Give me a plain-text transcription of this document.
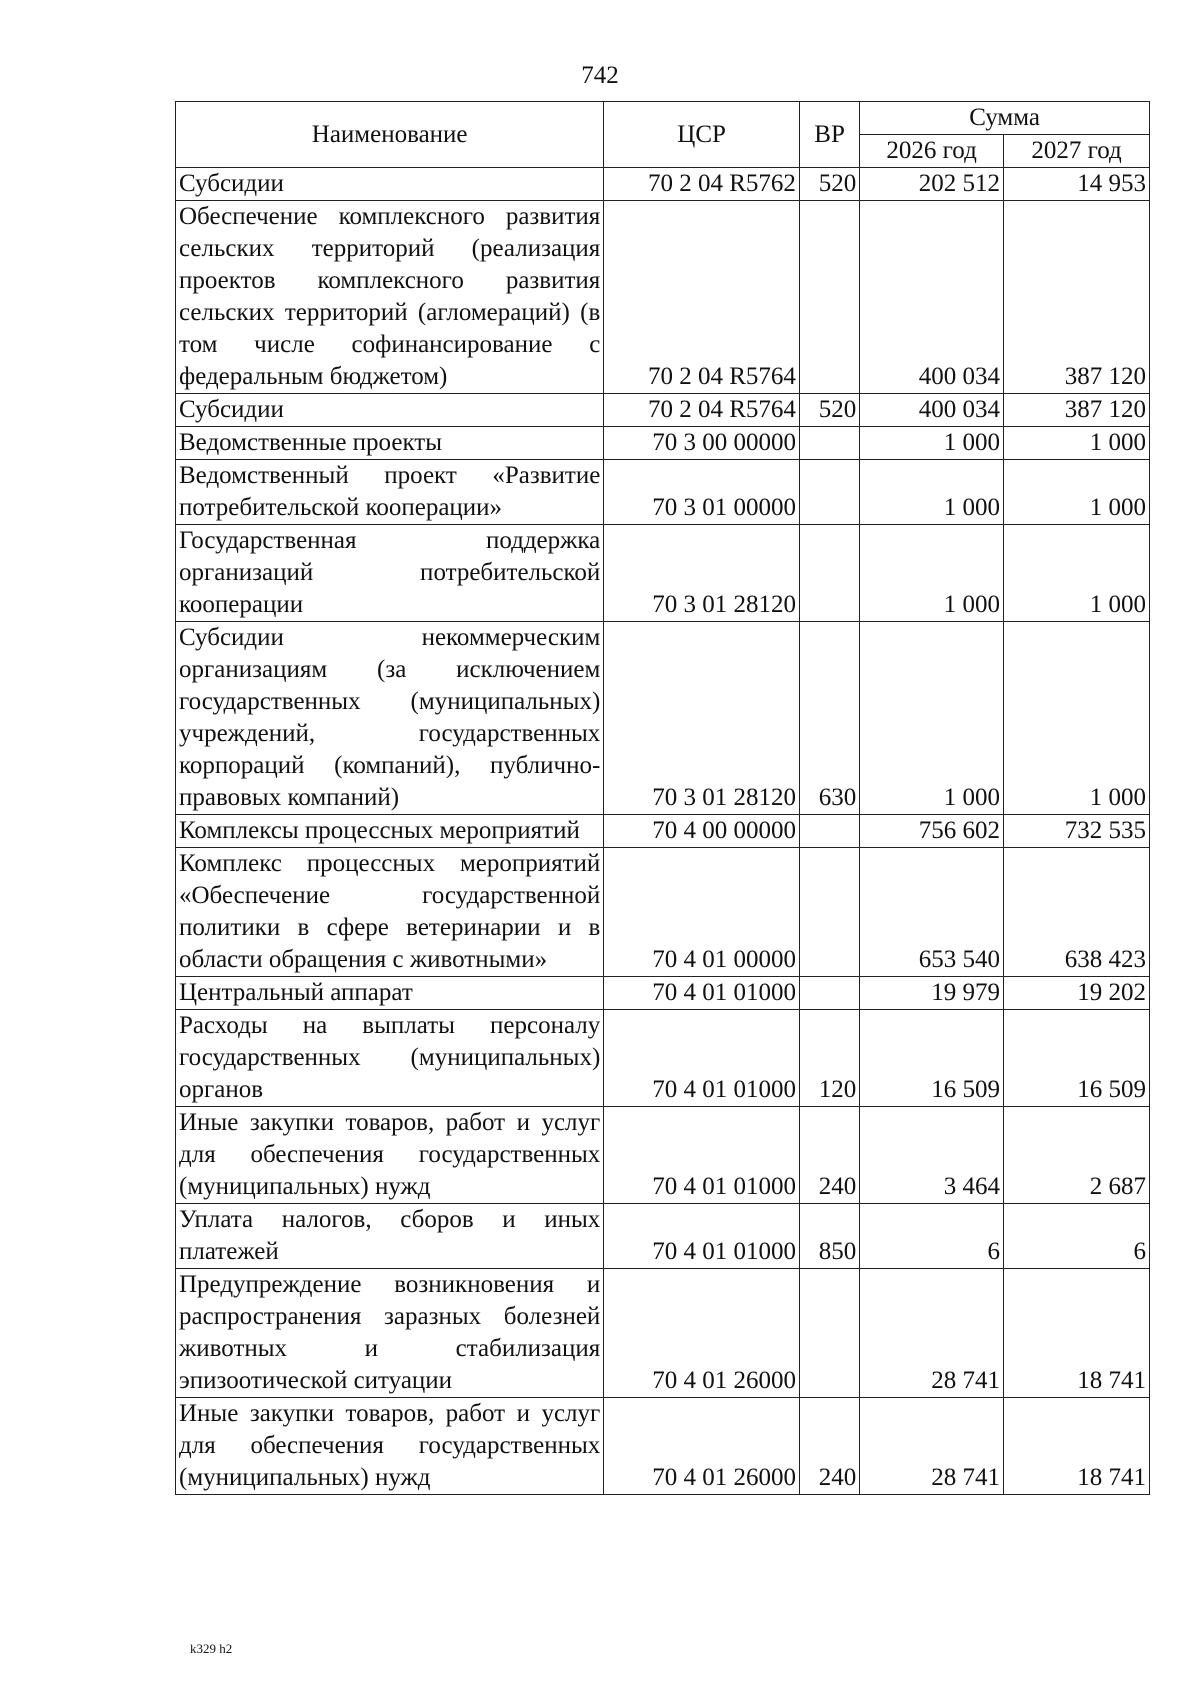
742
Наименование	ЦСР	ВР	Сумма	
			2026 год	2027 год
Субсидии	70 2 04 R5762	520	202 512	14 953
Обеспечение комплексного развития сельских территорий (реализация проектов комплексного развития сельских территорий (агломераций) (в том числе софинансирование с федеральным бюджетом)	70 2 04 R5764		400 034	387 120
Субсидии	70 2 04 R5764	520	400 034	387 120
Ведомственные проекты	70 3 00 00000		1 000	1 000
Ведомственный проект «Развитие потребительской кооперации»	70 3 01 00000		1 000	1 000
Государственная поддержка организаций потребительской кооперации	70 3 01 28120		1 000	1 000
Субсидии некоммерческим организациям (за исключением государственных (муниципальных) учреждений, государственных корпораций (компаний), публично-правовых компаний)	70 3 01 28120	630	1 000	1 000
Комплексы процессных мероприятий	70 4 00 00000		756 602	732 535
Комплекс процессных мероприятий «Обеспечение государственной политики в сфере ветеринарии и в области обращения с животными»	70 4 01 00000		653 540	638 423
Центральный аппарат	70 4 01 01000		19 979	19 202
Расходы на выплаты персоналу государственных (муниципальных) органов	70 4 01 01000	120	16 509	16 509
Иные закупки товаров, работ и услуг для обеспечения государственных (муниципальных) нужд	70 4 01 01000	240	3 464	2 687
Уплата налогов, сборов и иных платежей	70 4 01 01000	850	6	6
Предупреждение возникновения и распространения заразных болезней животных и стабилизация эпизоотической ситуации	70 4 01 26000		28 741	18 741
Иные закупки товаров, работ и услуг для обеспечения государственных (муниципальных) нужд	70 4 01 26000	240	28 741	18 741
k329 h2
